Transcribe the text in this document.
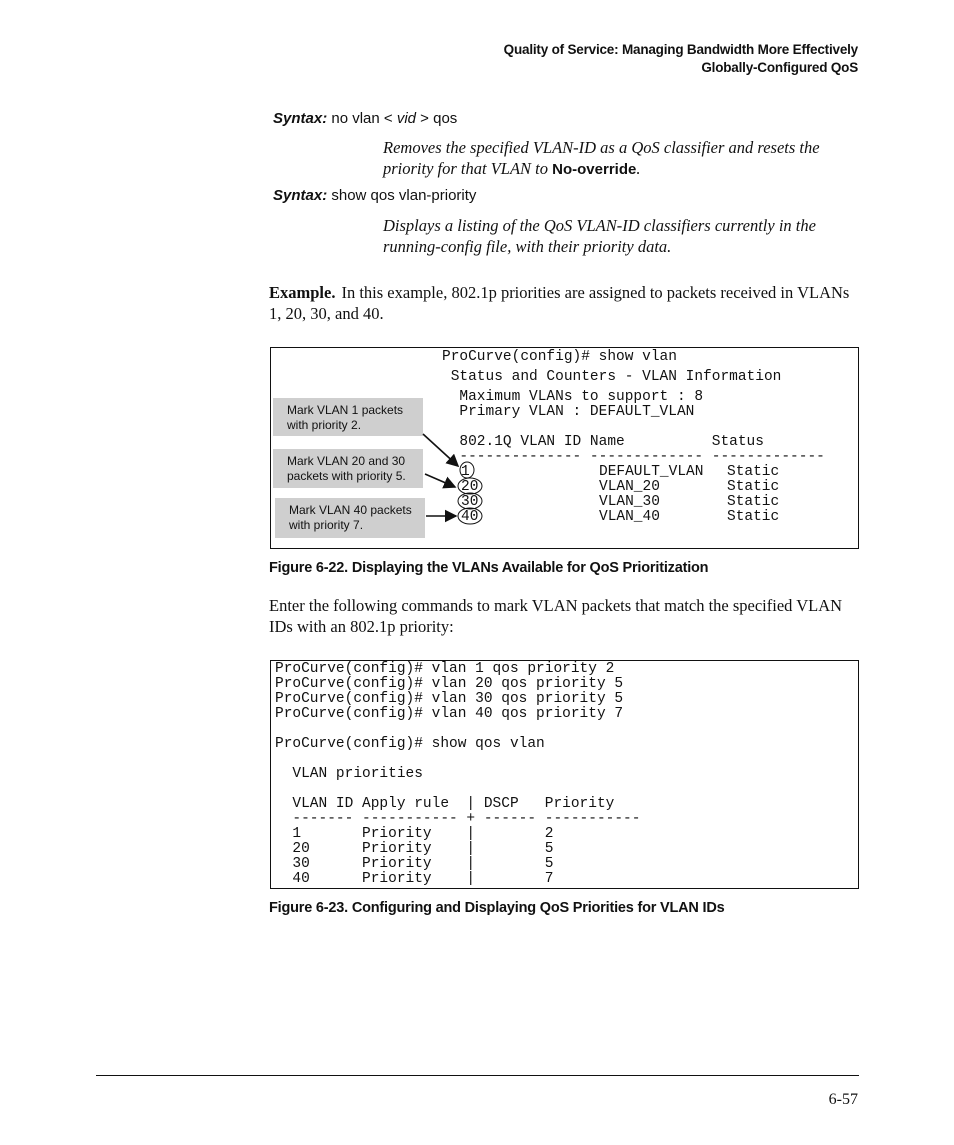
Quality of Service: Managing Bandwidth More Effectively
Globally-Configured QoS
Syntax: no vlan < vid > qos
Removes the specified VLAN-ID as a QoS classifier and resets the priority for that VLAN to No-override.
Syntax: show qos vlan-priority
Displays a listing of the QoS VLAN-ID classifiers currently in the running-config file, with their priority data.
Example. In this example, 802.1p priorities are assigned to packets received in VLANs 1, 20, 30, and 40.
ProCurve(config)# show vlan
Status and Counters - VLAN Information
Maximum VLANs to support : 8
Primary VLAN : DEFAULT_VLAN
802.1Q VLAN ID Name          Status
-------------- ------------- -------------
1	DEFAULT_VLAN Static
20	VLAN_20	Static
30	VLAN_30	Static
40	VLAN_40	Static
Mark VLAN 1 packets with priority 2.
Mark VLAN 20 and 30 packets with priority 5.
Mark VLAN 40 packets with priority 7.
Figure 6-22. Displaying the VLANs Available for QoS Prioritization
Enter the following commands to mark VLAN packets that match the specified VLAN IDs with an 802.1p priority:
ProCurve(config)# vlan 1 qos priority 2
ProCurve(config)# vlan 20 qos priority 5
ProCurve(config)# vlan 30 qos priority 5
ProCurve(config)# vlan 40 qos priority 7
ProCurve(config)# show qos vlan
VLAN priorities
VLAN ID Apply rule  | DSCP   Priority
------- ----------- + ------ -----------
1       Priority    |        2
20      Priority    |        5
30      Priority    |        5
40      Priority    |        7
Figure 6-23. Configuring and Displaying QoS Priorities for VLAN IDs
6-57
